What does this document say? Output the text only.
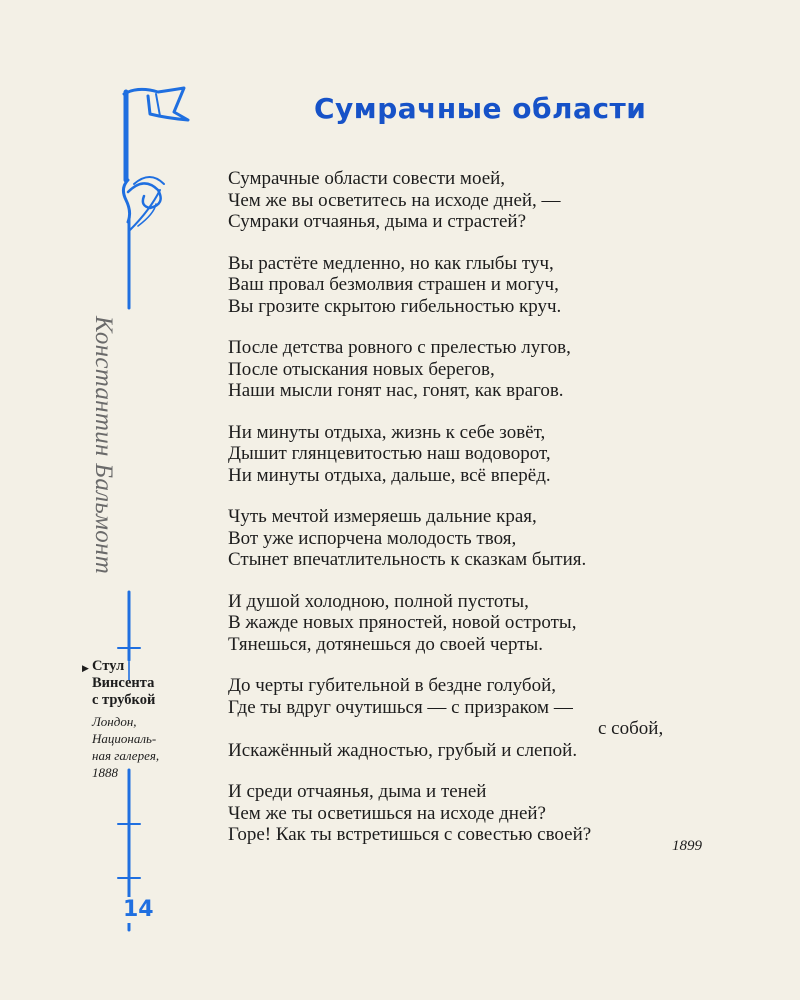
Константин Бальмонт
▶ Стул
Винсента
с трубкой
Лондон,
Националь-
ная галерея,
1888
14
Сумрачные области
Сумрачные области совести моей,
Чем же вы осветитесь на исходе дней, —
Сумраки отчаянья, дыма и страстей?
Вы растёте медленно, но как глыбы туч,
Ваш провал безмолвия страшен и могуч,
Вы грозите скрытою гибельностью круч.
После детства ровного с прелестью лугов,
После отыскания новых берегов,
Наши мысли гонят нас, гонят, как врагов.
Ни минуты отдыха, жизнь к себе зовёт,
Дышит глянцевитостью наш водоворот,
Ни минуты отдыха, дальше, всё вперёд.
Чуть мечтой измеряешь дальние края,
Вот уже испорчена молодость твоя,
Стынет впечатлительность к сказкам бытия.
И душой холодною, полной пустоты,
В жажде новых пряностей, новой остроты,
Тянешься, дотянешься до своей черты.
До черты губительной в бездне голубой,
Где ты вдруг очутишься — с призраком —
с собой,
Искажённый жадностью, грубый и слепой.
И среди отчаянья, дыма и теней
Чем же ты осветишься на исходе дней?
Горе! Как ты встретишься с совестью своей?
1899
